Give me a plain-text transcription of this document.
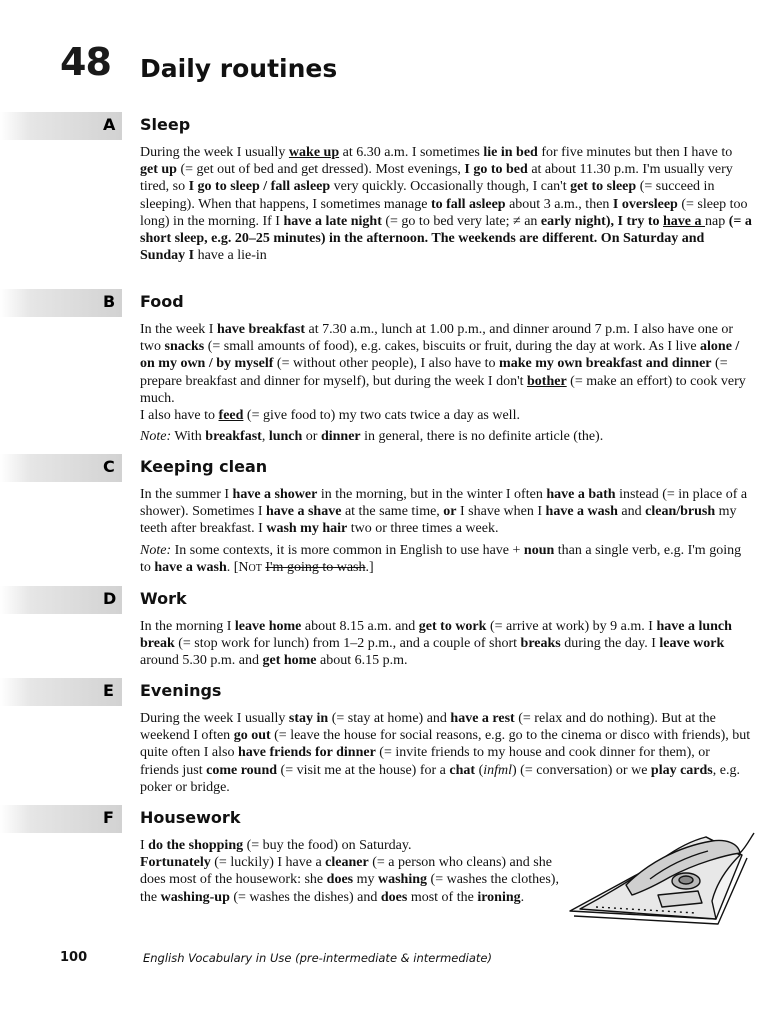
48 Daily routines
A Sleep

During the week I usually wake up at 6.30 a.m. I sometimes lie in bed for five minutes but then I have to get up (= get out of bed and get dressed). Most evenings, I go to bed at about 11.30 p.m. I'm usually very tired, so I go to sleep / fall asleep very quickly. Occasionally though, I can't get to sleep (= succeed in sleeping). When that happens, I sometimes manage to fall asleep about 3 a.m., then I oversleep (= sleep too long) in the morning. If I have a late night (= go to bed very late; ≠ an early night), I try to have a nap (= a short sleep, e.g. 20–25 minutes) in the afternoon. The weekends are different. On Saturday and Sunday I have a lie-in

B Food

In the week I have breakfast at 7.30 a.m., lunch at 1.00 p.m., and dinner around 7 p.m. I also have one or two snacks (= small amounts of food), e.g. cakes, biscuits or fruit, during the day at work. As I live alone / on my own / by myself (= without other people), I also have to make my own breakfast and dinner (= prepare breakfast and dinner for myself), but during the week I don't bother (= make an effort) to cook very much.

I also have to feed (= give food to) my two cats twice a day as well.

Note: With breakfast, lunch or dinner in general, there is no definite article (the).

C Keeping clean

In the summer I have a shower in the morning, but in the winter I often have a bath instead (= in place of a shower). Sometimes I have a shave at the same time, or I shave when I have a wash and clean/brush my teeth after breakfast. I wash my hair two or three times a week.

Note: In some contexts, it is more common in English to use have + noun than a single verb, e.g. I'm going to have a wash. [Not I'm going to wash.]

D Work

In the morning I leave home about 8.15 a.m. and get to work (= arrive at work) by 9 a.m. I have a lunch break (= stop work for lunch) from 1–2 p.m., and a couple of short breaks during the day. I leave work around 5.30 p.m. and get home about 6.15 p.m.

E Evenings

During the week I usually stay in (= stay at home) and have a rest (= relax and do nothing). But at the weekend I often go out (= leave the house for social reasons, e.g. go to the cinema or disco with friends), but quite often I also have friends for dinner (= invite friends to my house and cook dinner for them), or friends just come round (= visit me at the house) for a chat (infml) (= conversation) or we play cards, e.g. poker or bridge.

F Housework

I do the shopping (= buy the food) on Saturday.
Fortunately (= luckily) I have a cleaner (= a person who cleans) and she does most of the housework: she does my washing (= washes the clothes), the washing-up (= washes the dishes) and does most of the ironing.

100	English Vocabulary in Use (pre-intermediate & intermediate)
